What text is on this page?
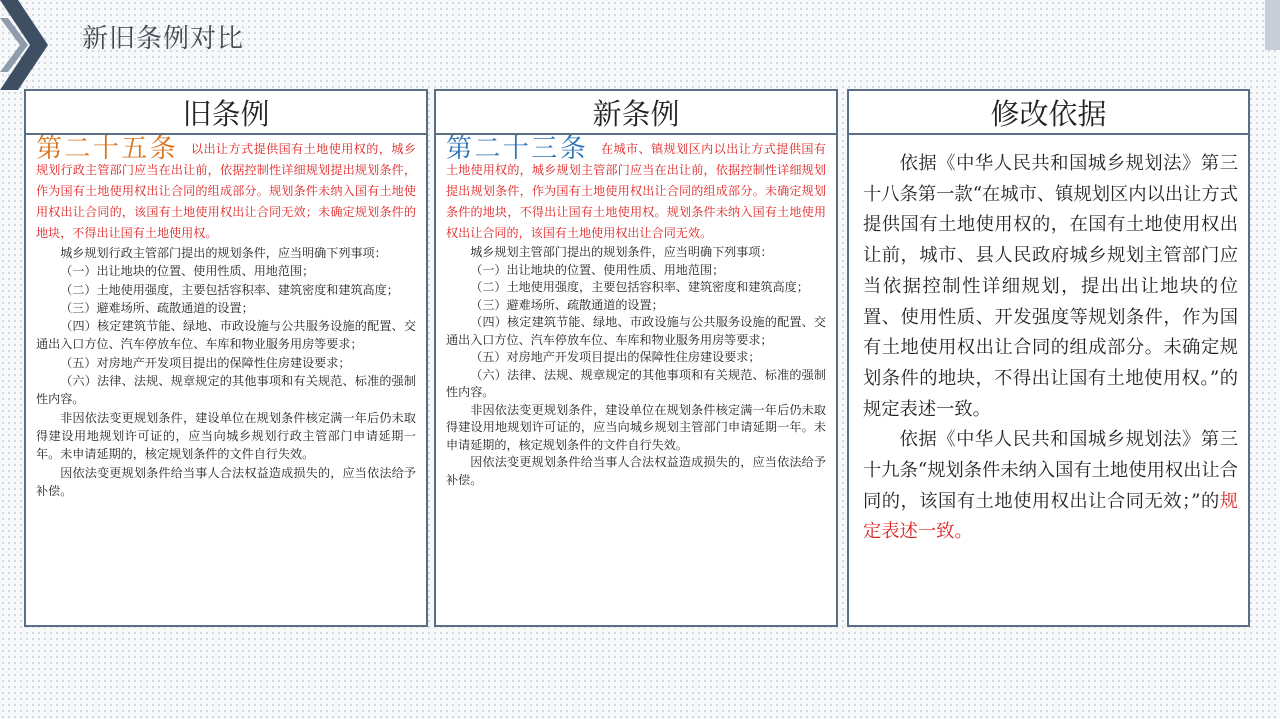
新旧条例对比
旧条例

第二十五条 以出让方式提供国有土地使用权的，城乡规划行政主管部门应当在出让前，依据控制性详细规划提出规划条件，作为国有土地使用权出让合同的组成部分。规划条件未纳入国有土地使用权出让合同的，该国有土地使用权出让合同无效；未确定规划条件的地块，不得出让国有土地使用权。

城乡规划行政主管部门提出的规划条件，应当明确下列事项：

（一）出让地块的位置、使用性质、用地范围；

（二）土地使用强度，主要包括容积率、建筑密度和建筑高度；

（三）避难场所、疏散通道的设置；

（四）核定建筑节能、绿地、市政设施与公共服务设施的配置、交通出入口方位、汽车停放车位、车库和物业服务用房等要求；

（五）对房地产开发项目提出的保障性住房建设要求；

（六）法律、法规、规章规定的其他事项和有关规范、标准的强制性内容。

非因依法变更规划条件，建设单位在规划条件核定满一年后仍未取得建设用地规划许可证的，应当向城乡规划行政主管部门申请延期一年。未申请延期的，核定规划条件的文件自行失效。

因依法变更规划条件给当事人合法权益造成损失的，应当依法给予补偿。

新条例

第二十三条 在城市、镇规划区内以出让方式提供国有土地使用权的，城乡规划主管部门应当在出让前，依据控制性详细规划提出规划条件，作为国有土地使用权出让合同的组成部分。未确定规划条件的地块，不得出让国有土地使用权。规划条件未纳入国有土地使用权出让合同的，该国有土地使用权出让合同无效。

城乡规划主管部门提出的规划条件，应当明确下列事项：

（一）出让地块的位置、使用性质、用地范围；

（二）土地使用强度，主要包括容积率、建筑密度和建筑高度；

（三）避难场所、疏散通道的设置；

（四）核定建筑节能、绿地、市政设施与公共服务设施的配置、交通出入口方位、汽车停放车位、车库和物业服务用房等要求；

（五）对房地产开发项目提出的保障性住房建设要求；

（六）法律、法规、规章规定的其他事项和有关规范、标准的强制性内容。

非因依法变更规划条件，建设单位在规划条件核定满一年后仍未取得建设用地规划许可证的，应当向城乡规划主管部门申请延期一年。未申请延期的，核定规划条件的文件自行失效。

因依法变更规划条件给当事人合法权益造成损失的，应当依法给予补偿。

修改依据

依据《中华人民共和国城乡规划法》第三十八条第一款“在城市、镇规划区内以出让方式提供国有土地使用权的，在国有土地使用权出让前，城市、县人民政府城乡规划主管部门应当依据控制性详细规划，提出出让地块的位置、使用性质、开发强度等规划条件，作为国有土地使用权出让合同的组成部分。未确定规划条件的地块，不得出让国有土地使用权。”的规定表述一致。

依据《中华人民共和国城乡规划法》第三十九条“规划条件未纳入国有土地使用权出让合同的，该国有土地使用权出让合同无效；”的规定表述一致。
